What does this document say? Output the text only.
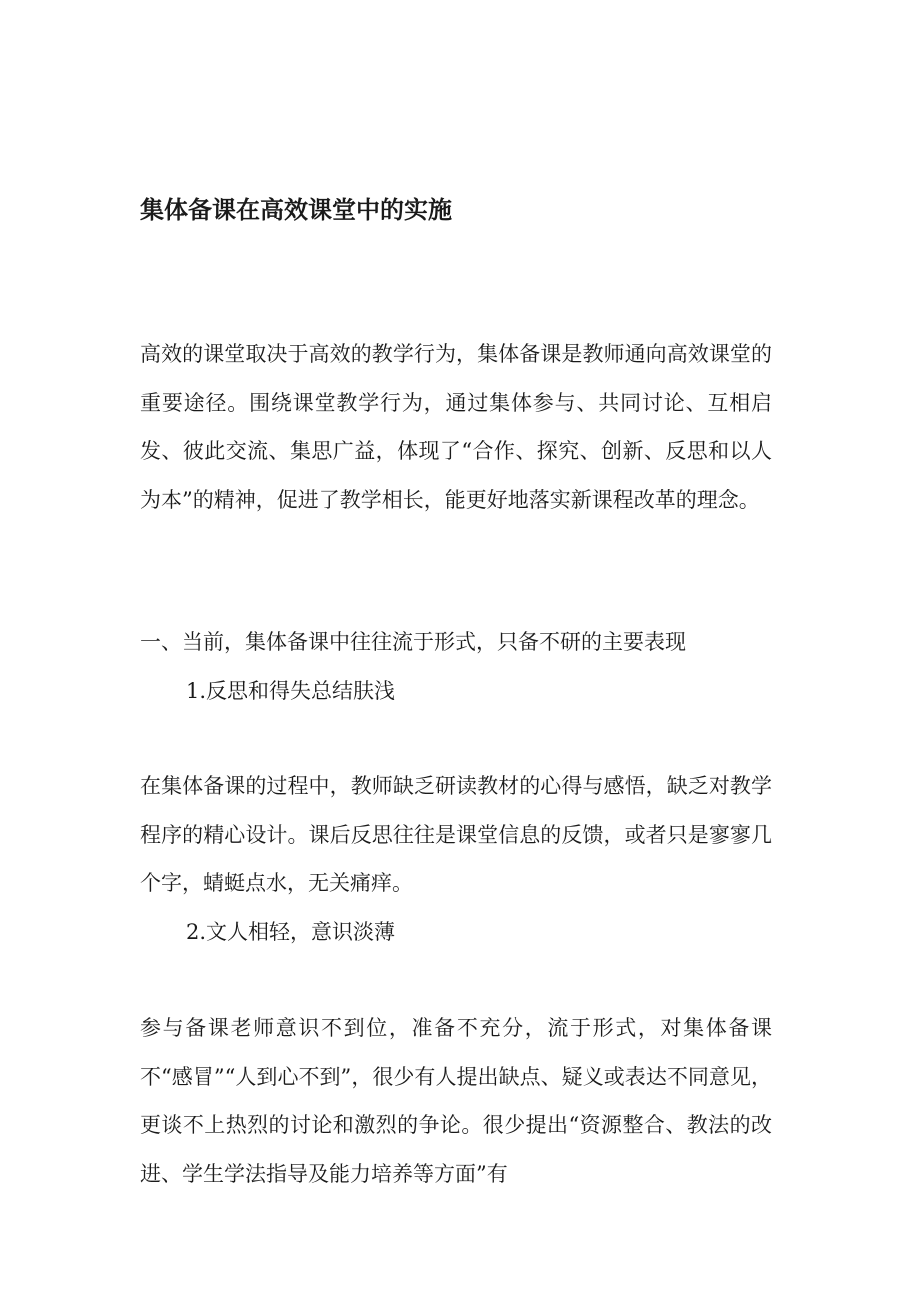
集体备课在高效课堂中的实施

高效的课堂取决于高效的教学行为，集体备课是教师通向高效课堂的重要途径。围绕课堂教学行为，通过集体参与、共同讨论、互相启发、彼此交流、集思广益，体现了“合作、探究、创新、反思和以人为本”的精神，促进了教学相长，能更好地落实新课程改革的理念。

一、当前，集体备课中往往流于形式，只备不研的主要表现
1.反思和得失总结肤浅

在集体备课的过程中，教师缺乏研读教材的心得与感悟，缺乏对教学程序的精心设计。课后反思往往是课堂信息的反馈，或者只是寥寥几个字，蜻蜓点水，无关痛痒。

2.文人相轻，意识淡薄

参与备课老师意识不到位，准备不充分，流于形式，对集体备课不“感冒”“人到心不到”，很少有人提出缺点、疑义或表达不同意见，更谈不上热烈的讨论和激烈的争论。很少提出“资源整合、教法的改进、学生学法指导及能力培养等方面”有
